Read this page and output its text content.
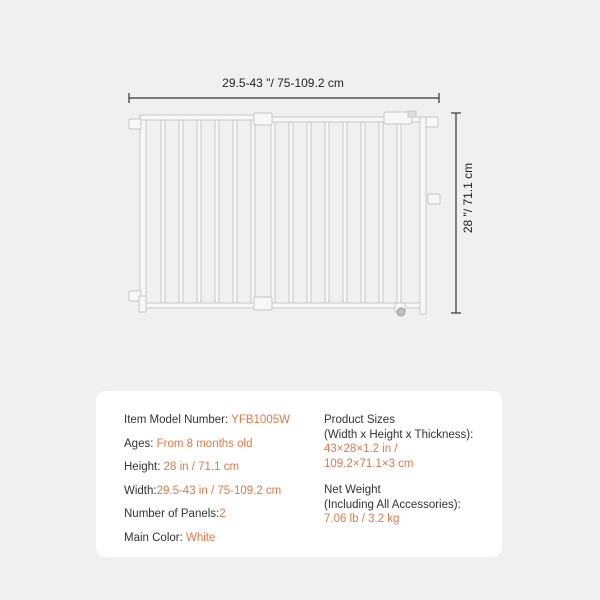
29.5-43 "/ 75-109.2 cm
28 "/ 71.1 cm
Item Model Number: YFB1005W
Ages: From 8 months old
Height: 28 in / 71.1 cm
Width:29.5-43 in / 75-109.2 cm
Number of Panels:2
Main Color: White
Product Sizes
(Width x Height x Thickness):
43×28×1.2 in /
109.2×71.1×3 cm
Net Weight
(Including All Accessories):
7.06 lb / 3.2 kg
